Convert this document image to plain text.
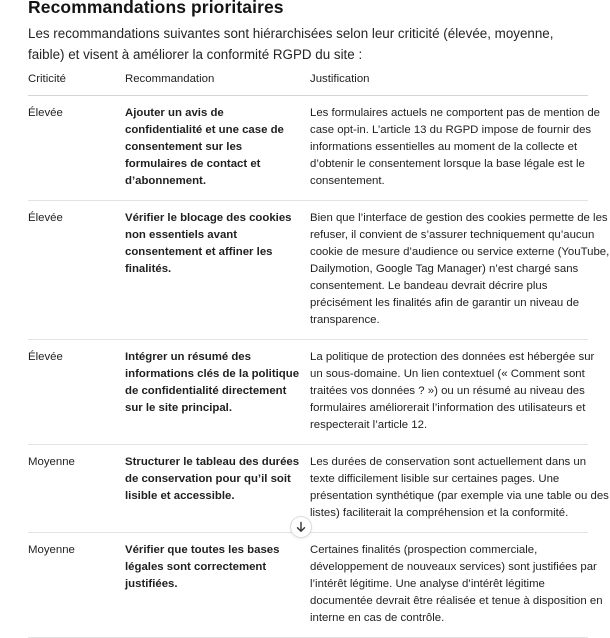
Recommandations prioritaires

Les recommandations suivantes sont hiérarchisées selon leur criticité (élevée, moyenne, faible) et visent à améliorer la conformité RGPD du site :

Criticité	Recommandation	Justification
Élevée	Ajouter un avis de confidentialité et une case de consentement sur les formulaires de contact et d’abonnement.	Les formulaires actuels ne comportent pas de mention de case opt-in. L’article 13 du RGPD impose de fournir des informations essentielles au moment de la collecte et d’obtenir le consentement lorsque la base légale est le consentement.

Élevée	Vérifier le blocage des cookies non essentiels avant consentement et affiner les finalités.	Bien que l’interface de gestion des cookies permette de les refuser, il convient de s’assurer techniquement qu’aucun cookie de mesure d’audience ou service externe (YouTube, Dailymotion, Google Tag Manager) n’est chargé sans consentement. Le bandeau devrait décrire plus précisément les finalités afin de garantir un niveau de transparence.

Élevée	Intégrer un résumé des informations clés de la politique de confidentialité directement sur le site principal.	La politique de protection des données est hébergée sur un sous-domaine. Un lien contextuel (« Comment sont traitées vos données ? ») ou un résumé au niveau des formulaires améliorerait l’information des utilisateurs et respecterait l’article 12.

Moyenne	Structurer le tableau des durées de conservation pour qu’il soit lisible et accessible.	Les durées de conservation sont actuellement dans un texte difficilement lisible sur certaines pages. Une présentation synthétique (par exemple via une table ou des listes) faciliterait la compréhension et la conformité.

Moyenne	Vérifier que toutes les bases légales sont correctement justifiées.	Certaines finalités (prospection commerciale, développement de nouveaux services) sont justifiées par l’intérêt légitime. Une analyse d’intérêt légitime documentée devrait être réalisée et tenue à disposition en interne en cas de contrôle.
